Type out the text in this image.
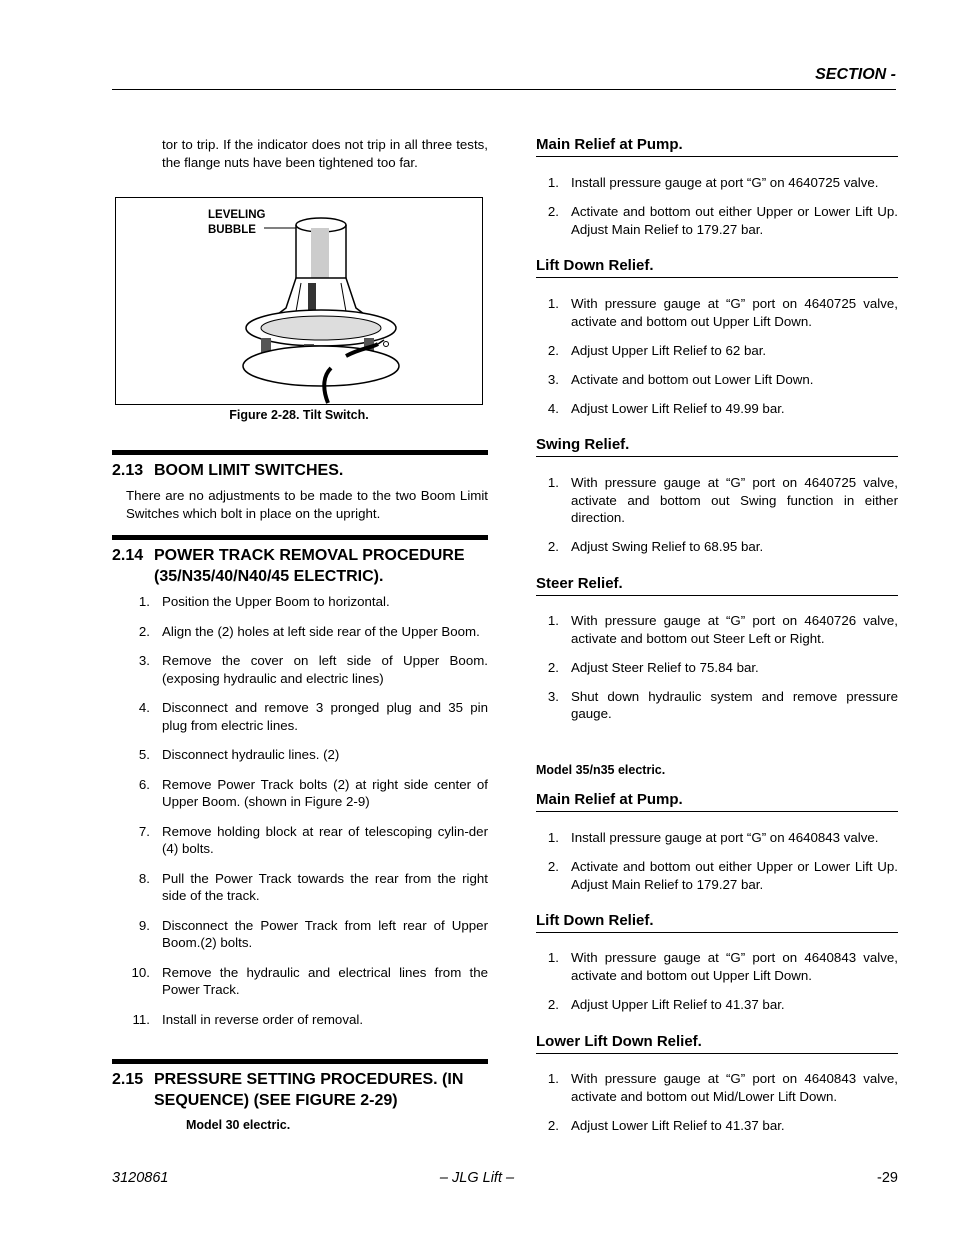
SECTION -
tor to trip. If the indicator does not trip in all three tests, the flange nuts have been tightened too far.
LEVELING
BUBBLE
Figure 2-28. Tilt Switch.
2.13 BOOM LIMIT SWITCHES.
There are no adjustments to be made to the two Boom Limit Switches which bolt in place on the upright.
2.14 POWER TRACK REMOVAL PROCEDURE (35/N35/40/N40/45 ELECTRIC).
1. Position the Upper Boom to horizontal.
2. Align the (2) holes at left side rear of the Upper Boom.
3. Remove the cover on left side of Upper Boom. (exposing hydraulic and electric lines)
4. Disconnect and remove 3 pronged plug and 35 pin plug from electric lines.
5. Disconnect hydraulic lines. (2)
6. Remove Power Track bolts (2) at right side center of Upper Boom. (shown in Figure 2-9)
7. Remove holding block at rear of telescoping cylin-der (4) bolts.
8. Pull the Power Track towards the rear from the right side of the track.
9. Disconnect the Power Track from left rear of Upper Boom.(2) bolts.
10. Remove the hydraulic and electrical lines from the Power Track.
11. Install in reverse order of removal.
2.15 PRESSURE SETTING PROCEDURES. (IN SEQUENCE) (SEE FIGURE 2-29)
Model 30 electric.
Main Relief at Pump.
1. Install pressure gauge at port “G” on 4640725 valve.
2. Activate and bottom out either Upper or Lower Lift Up. Adjust Main Relief to 179.27 bar.
Lift Down Relief.
1. With pressure gauge at “G” port on 4640725 valve, activate and bottom out Upper Lift Down.
2. Adjust Upper Lift Relief to 62 bar.
3. Activate and bottom out Lower Lift Down.
4. Adjust Lower Lift Relief to 49.99 bar.
Swing Relief.
1. With pressure gauge at “G” port on 4640725 valve, activate and bottom out Swing function in either direction.
2. Adjust Swing Relief to 68.95 bar.
Steer Relief.
1. With pressure gauge at “G” port on 4640726 valve, activate and bottom out Steer Left or Right.
2. Adjust Steer Relief to 75.84 bar.
3. Shut down hydraulic system and remove pressure gauge.
Model 35/n35 electric.
Main Relief at Pump.
1. Install pressure gauge at port “G” on 4640843 valve.
2. Activate and bottom out either Upper or Lower Lift Up. Adjust Main Relief to 179.27 bar.
Lift Down Relief.
1. With pressure gauge at “G” port on 4640843 valve, activate and bottom out Upper Lift Down.
2. Adjust Upper Lift Relief to 41.37 bar.
Lower Lift Down Relief.
1. With pressure gauge at “G” port on 4640843 valve, activate and bottom out Mid/Lower Lift Down.
2. Adjust Lower Lift Relief to 41.37 bar.
3120861	– JLG Lift –	-29
